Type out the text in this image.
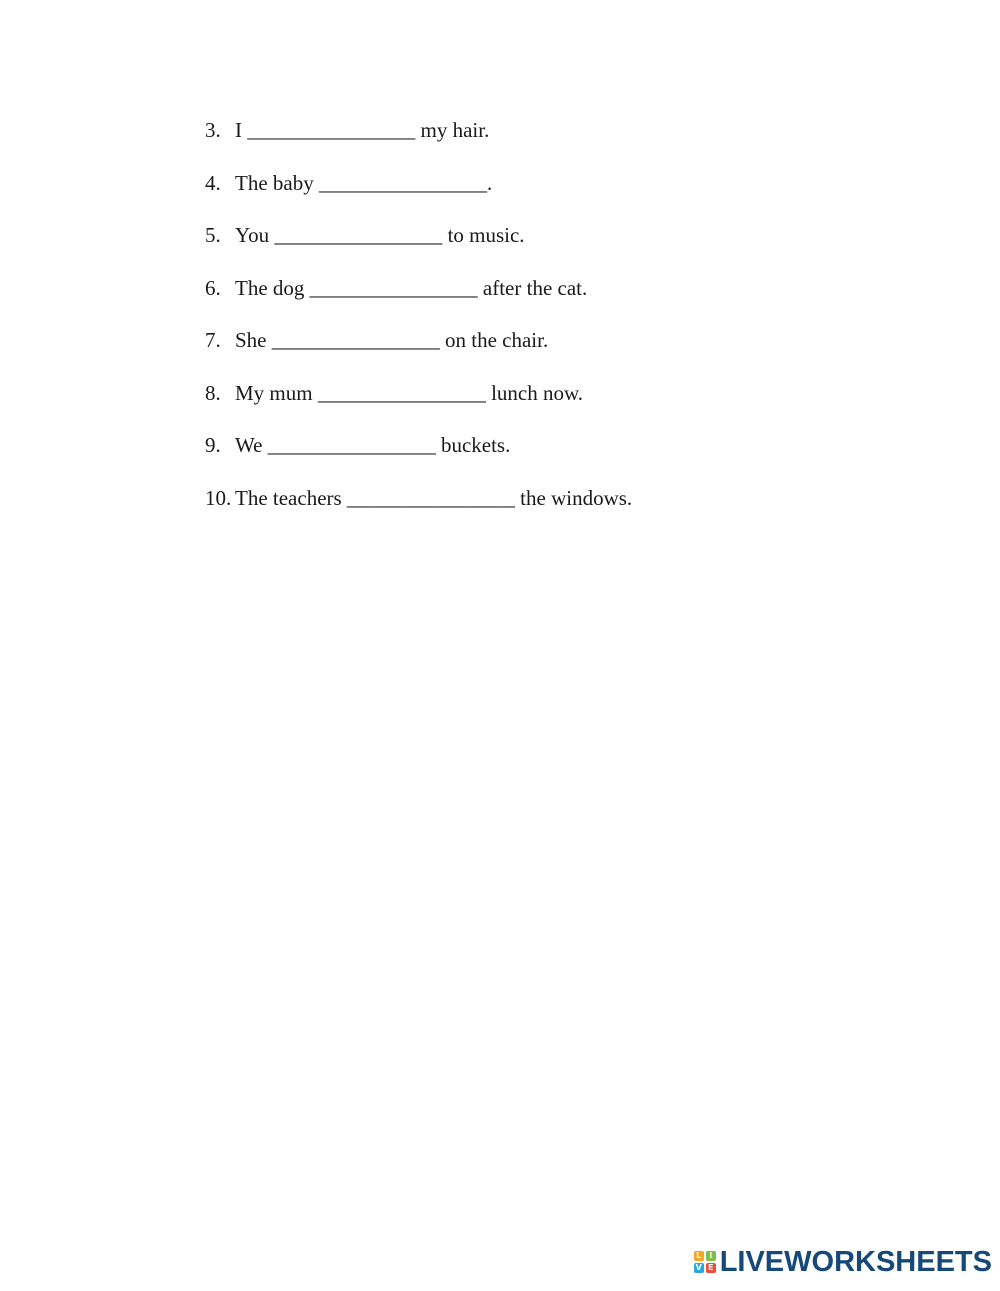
3. I ________________ my hair.
4. The baby ________________.
5. You ________________ to music.
6. The dog ________________ after the cat.
7. She ________________ on the chair.
8. My mum ________________ lunch now.
9. We ________________ buckets.
10. The teachers ________________ the windows.
L I
V E LIVEWORKSHEETS
